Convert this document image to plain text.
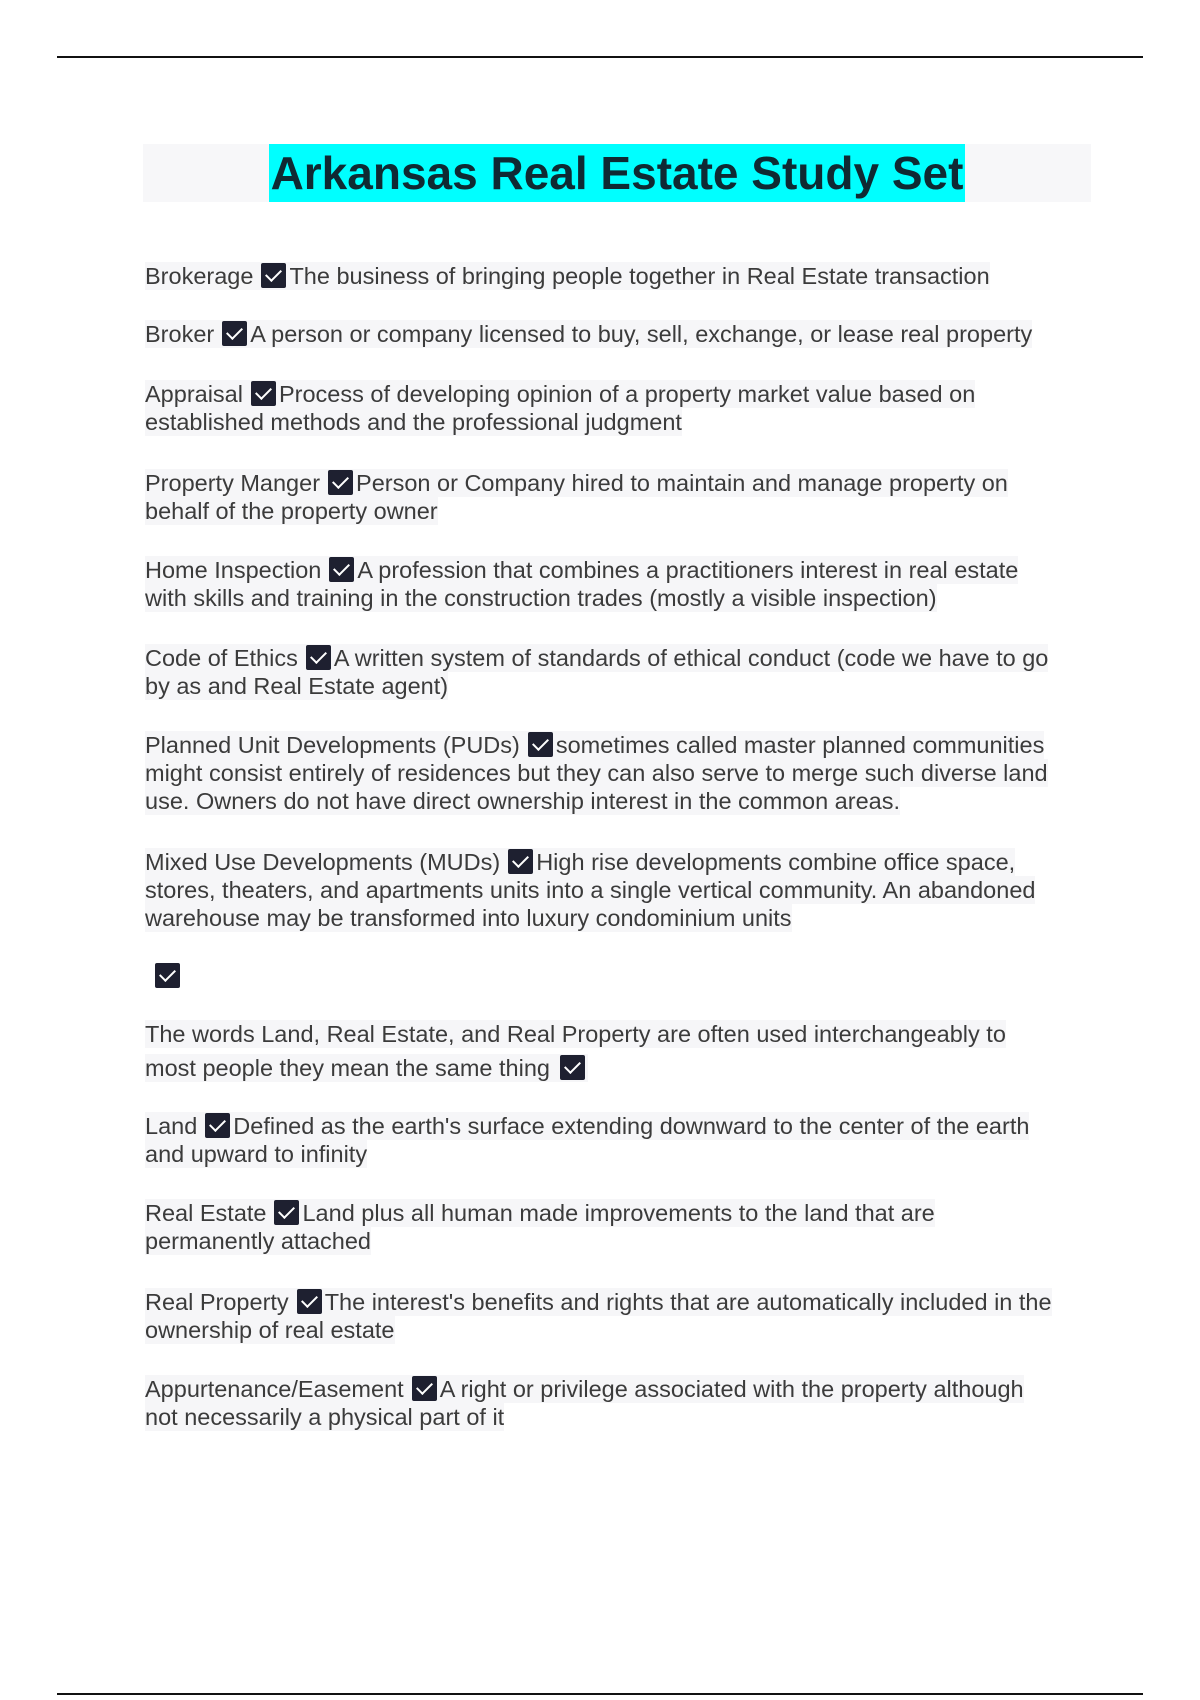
Arkansas Real Estate Study Set
Brokerage The business of bringing people together in Real Estate transaction
Broker A person or company licensed to buy, sell, exchange, or lease real property
Appraisal Process of developing opinion of a property market value based on
established methods and the professional judgment
Property Manger Person or Company hired to maintain and manage property on
behalf of the property owner
Home Inspection A profession that combines a practitioners interest in real estate
with skills and training in the construction trades (mostly a visible inspection)
Code of Ethics A written system of standards of ethical conduct (code we have to go
by as and Real Estate agent)
Planned Unit Developments (PUDs) sometimes called master planned communities
might consist entirely of residences but they can also serve to merge such diverse land
use. Owners do not have direct ownership interest in the common areas.
Mixed Use Developments (MUDs) High rise developments combine office space,
stores, theaters, and apartments units into a single vertical community. An abandoned
warehouse may be transformed into luxury condominium units
The words Land, Real Estate, and Real Property are often used interchangeably to
most people they mean the same thing
Land Defined as the earth's surface extending downward to the center of the earth
and upward to infinity
Real Estate Land plus all human made improvements to the land that are
permanently attached
Real Property The interest's benefits and rights that are automatically included in the
ownership of real estate
Appurtenance/Easement A right or privilege associated with the property although
not necessarily a physical part of it
